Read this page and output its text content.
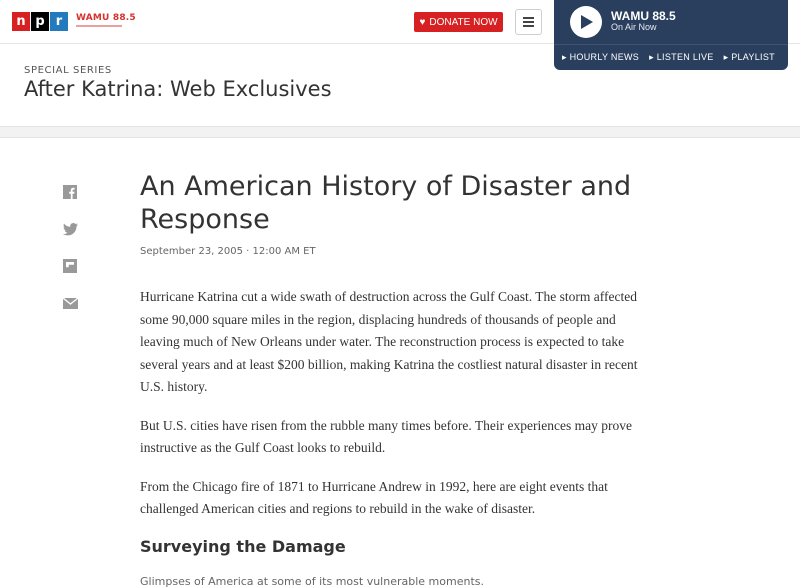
n p r	WAMU 88.5	♥ DONATE NOW	WAMU 88.5
On Air Now
▸ HOURLY NEWS ▸ LISTEN LIVE ▸ PLAYLIST
SPECIAL SERIES
After Katrina: Web Exclusives
An American History of Disaster and Response
September 23, 2005 · 12:00 AM ET

Hurricane Katrina cut a wide swath of destruction across the Gulf Coast. The storm affected some 90,000 square miles in the region, displacing hundreds of thousands of people and leaving much of New Orleans under water. The reconstruction process is expected to take several years and at least $200 billion, making Katrina the costliest natural disaster in recent U.S. history.

But U.S. cities have risen from the rubble many times before. Their experiences may prove instructive as the Gulf Coast looks to rebuild.

From the Chicago fire of 1871 to Hurricane Andrew in 1992, here are eight events that challenged American cities and regions to rebuild in the wake of disaster.

Surveying the Damage
Glimpses of America at some of its most vulnerable moments.
